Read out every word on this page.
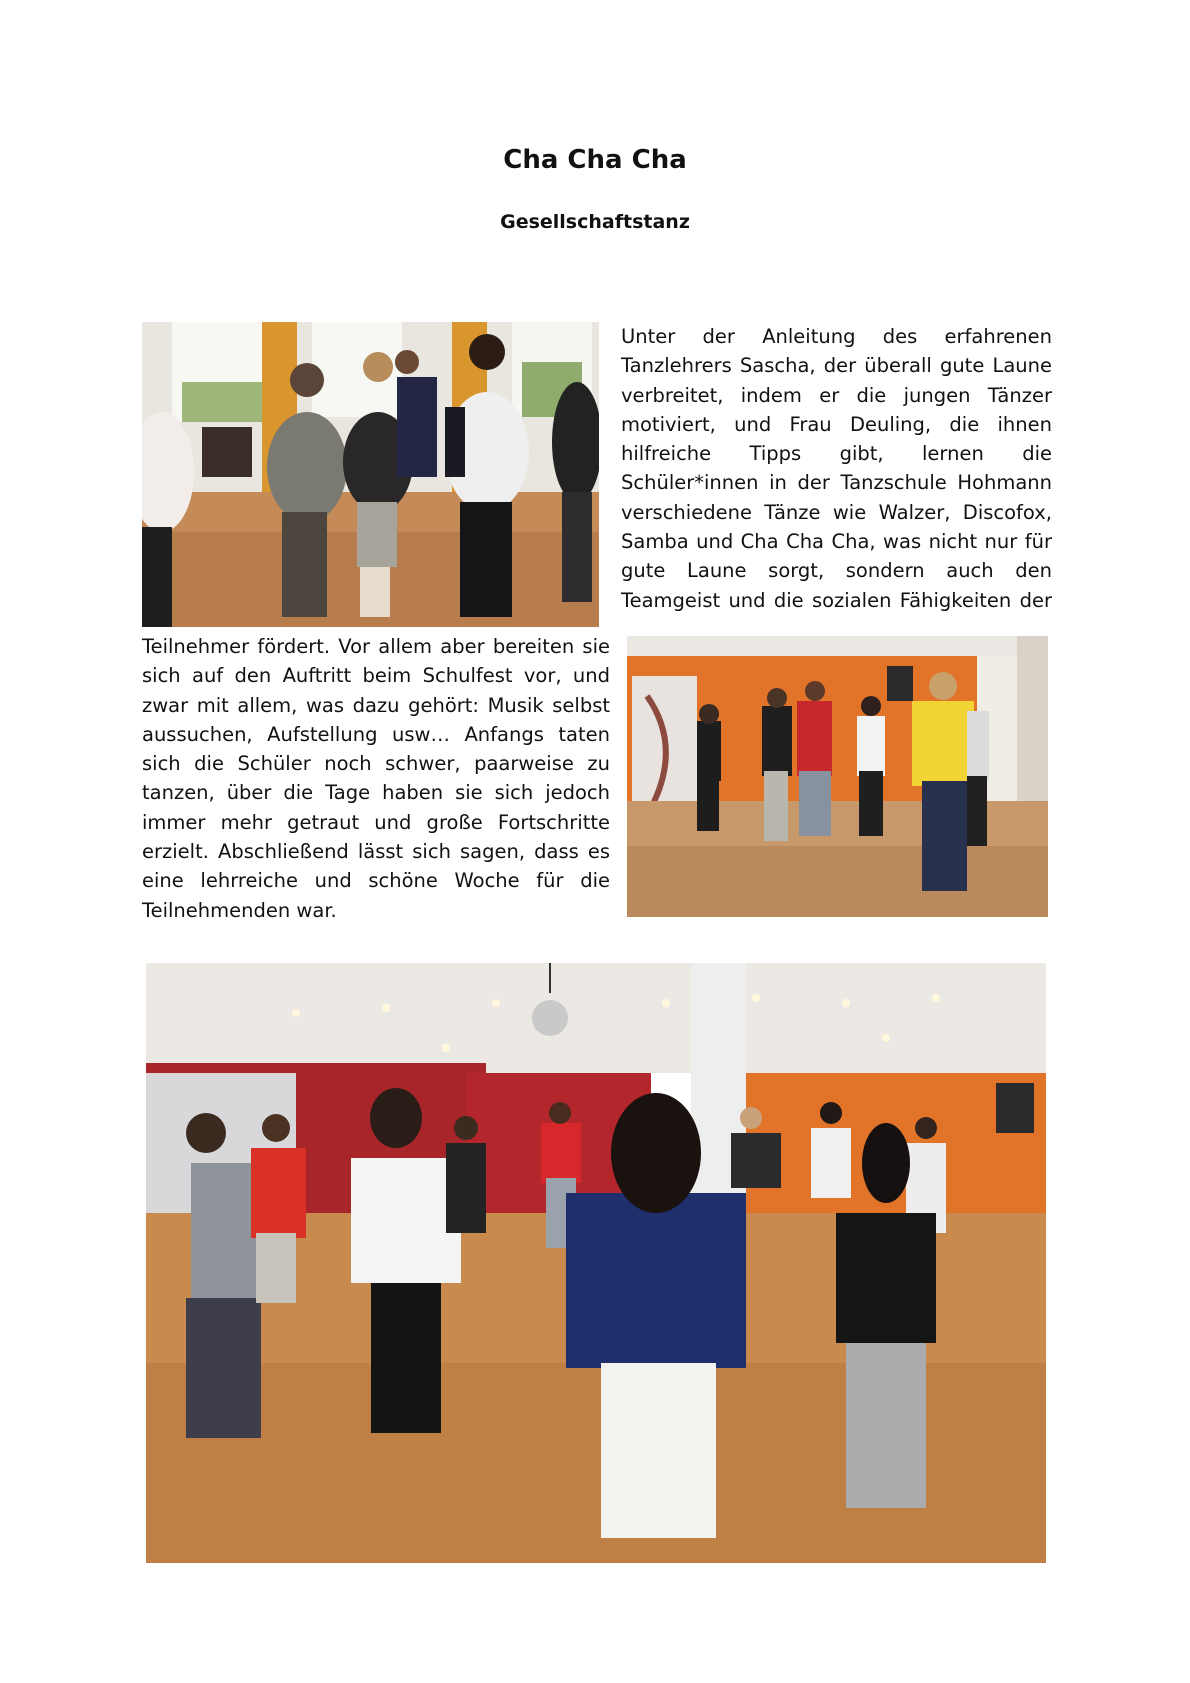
Cha Cha Cha
Gesellschaftstanz

Unter der Anleitung des erfahrenen Tanzlehrers Sascha, der überall gute Laune verbreitet, indem er die jungen Tänzer motiviert, und Frau Deuling, die ihnen hilfreiche Tipps gibt, lernen die Schüler*innen in der Tanzschule Hohmann verschiedene Tänze wie Walzer, Discofox, Samba und Cha Cha Cha, was nicht nur für gute Laune sorgt, sondern auch den Teamgeist und die sozialen Fähigkeiten der

Teilnehmer fördert. Vor allem aber bereiten sie sich auf den Auftritt beim Schulfest vor, und zwar mit allem, was dazu gehört: Musik selbst aussuchen, Aufstellung usw… Anfangs taten sich die Schüler noch schwer, paarweise zu tanzen, über die Tage haben sie sich jedoch immer mehr getraut und große Fortschritte erzielt. Abschließend lässt sich sagen, dass es eine lehrreiche und schöne Woche für die Teilnehmenden war.
